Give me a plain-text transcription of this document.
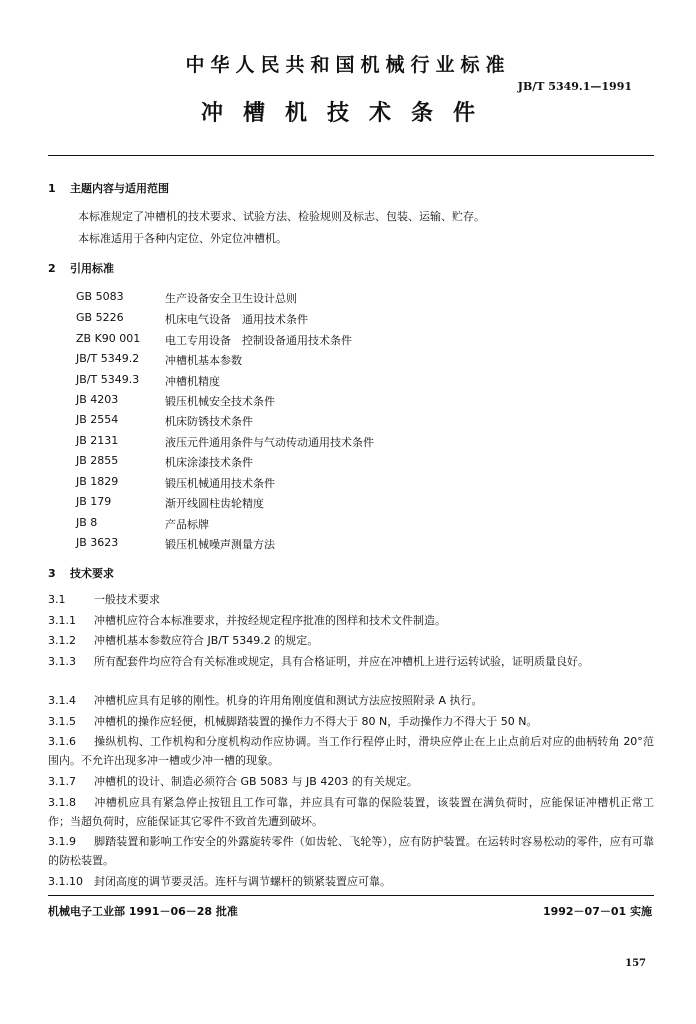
中华人民共和国机械行业标准
JB/T 5349.1—1991
冲槽机技术条件
1 主题内容与适用范围
本标准规定了冲槽机的技术要求、试验方法、检验规则及标志、包装、运输、贮存。
本标准适用于各种内定位、外定位冲槽机。
2 引用标准
GB 5083	生产设备安全卫生设计总则
GB 5226	机床电气设备　通用技术条件
ZB K90 001 电工专用设备　控制设备通用技术条件
JB/T 5349.2 冲槽机基本参数
JB/T 5349.3 冲槽机精度
JB 4203	锻压机械安全技术条件
JB 2554	机床防锈技术条件
JB 2131	液压元件通用条件与气动传动通用技术条件
JB 2855	机床涂漆技术条件
JB 1829	锻压机械通用技术条件
JB 179	渐开线圆柱齿轮精度
JB 8	产品标牌
JB 3623	锻压机械噪声测量方法
3 技术要求
3.1	一般技术要求
3.1.1 冲槽机应符合本标准要求，并按经规定程序批准的图样和技术文件制造。
3.1.2 冲槽机基本参数应符合 JB/T 5349.2 的规定。
3.1.3 所有配套件均应符合有关标准或规定，具有合格证明，并应在冲槽机上进行运转试验，证明质量良好。
3.1.4 冲槽机应具有足够的刚性。机身的许用角刚度值和测试方法应按照附录 A 执行。
3.1.5 冲槽机的操作应轻便，机械脚踏装置的操作力不得大于 80 N，手动操作力不得大于 50 N。
3.1.6 操纵机构、工作机构和分度机构动作应协调。当工作行程停止时，滑块应停止在上止点前后对应的曲柄转角 20°范围内。不允许出现多冲一槽或少冲一槽的现象。
3.1.7 冲槽机的设计、制造必须符合 GB 5083 与 JB 4203 的有关规定。
3.1.8 冲槽机应具有紧急停止按钮且工作可靠，并应具有可靠的保险装置，该装置在满负荷时，应能保证冲槽机正常工作；当超负荷时，应能保证其它零件不致首先遭到破坏。
3.1.9 脚踏装置和影响工作安全的外露旋转零件（如齿轮、飞轮等），应有防护装置。在运转时容易松动的零件，应有可靠的防松装置。
3.1.10 封闭高度的调节要灵活。连杆与调节螺杆的锁紧装置应可靠。
机械电子工业部 1991－06－28 批准	1992－07－01 实施
157
